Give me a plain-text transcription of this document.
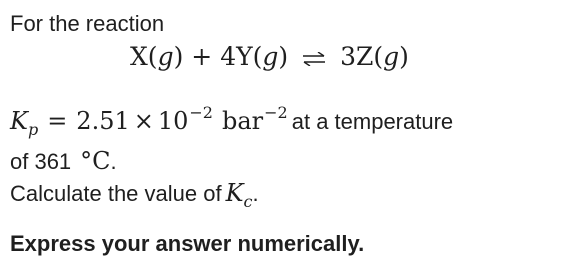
For the reaction
X(g) + 4Y(g) ⇌ 3Z(g)
$K_p = 2.51 \times 10^{-2}$ bar$^{-2}$ at a temperature
of 361 °C.
Calculate the value of $K_c$.
Express your answer numerically.
